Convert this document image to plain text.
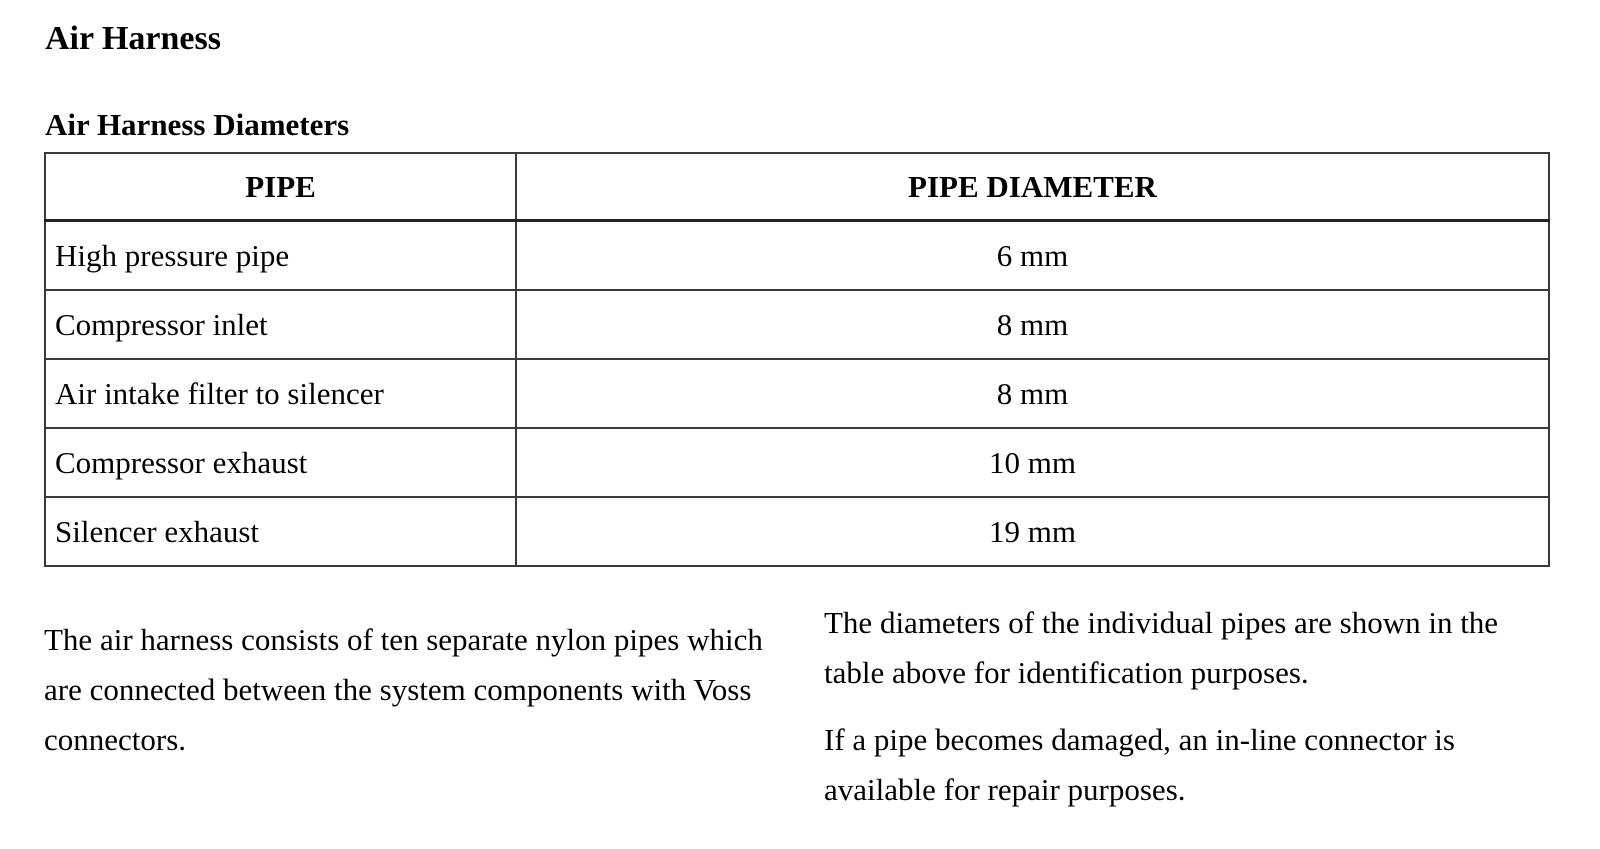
Air Harness
Air Harness Diameters
PIPE	PIPE DIAMETER
High pressure pipe	6 mm
Compressor inlet	8 mm
Air intake filter to silencer	8 mm
Compressor exhaust	10 mm
Silencer exhaust	19 mm

The air harness consists of ten separate nylon pipes which are connected between the system components with Voss connectors.

The diameters of the individual pipes are shown in the table above for identification purposes.

If a pipe becomes damaged, an in-line connector is available for repair purposes.
